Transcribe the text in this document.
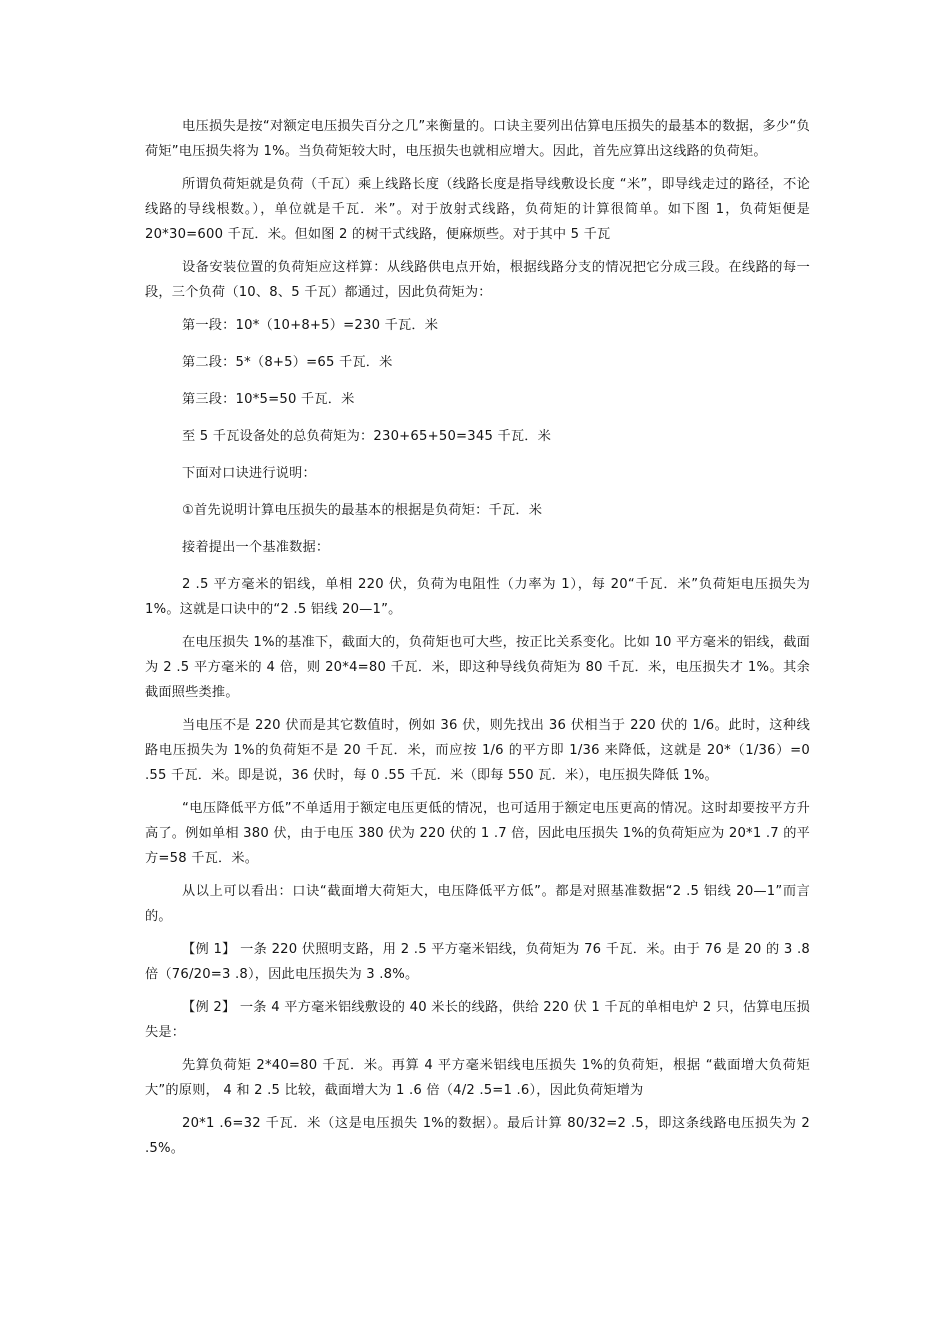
电压损失是按“对额定电压损失百分之几”来衡量的。口诀主要列出估算电压损失的最基本的数据，多少“负荷矩”电压损失将为 1%。当负荷矩较大时，电压损失也就相应增大。因此，首先应算出这线路的负荷矩。

所谓负荷矩就是负荷（千瓦）乘上线路长度（线路长度是指导线敷设长度 “米”，即导线走过的路径，不论线路的导线根数。），单位就是千瓦．米”。对于放射式线路，负荷矩的计算很简单。如下图 1，负荷矩便是 20*30=600 千瓦．米。但如图 2 的树干式线路，便麻烦些。对于其中 5 千瓦

设备安装位置的负荷矩应这样算：从线路供电点开始，根据线路分支的情况把它分成三段。在线路的每一段，三个负荷（10、8、5 千瓦）都通过，因此负荷矩为：

第一段：10*（10+8+5）=230 千瓦．米

第二段：5*（8+5）=65 千瓦．米

第三段：10*5=50 千瓦．米

至 5 千瓦设备处的总负荷矩为：230+65+50=345 千瓦．米

下面对口诀进行说明：

①首先说明计算电压损失的最基本的根据是负荷矩：千瓦．米

接着提出一个基准数据：

2 .5 平方毫米的铝线，单相 220 伏，负荷为电阻性（力率为 1），每 20“千瓦．米”负荷矩电压损失为 1%。这就是口诀中的“2 .5 铝线 20—1”。

在电压损失 1%的基准下，截面大的，负荷矩也可大些，按正比关系变化。比如 10 平方毫米的铝线，截面为 2 .5 平方毫米的 4 倍，则 20*4=80 千瓦．米，即这种导线负荷矩为 80 千瓦．米，电压损失才 1%。其余截面照些类推。

当电压不是 220 伏而是其它数值时，例如 36 伏，则先找出 36 伏相当于 220 伏的 1/6。此时，这种线路电压损失为 1%的负荷矩不是 20 千瓦．米，而应按 1/6 的平方即 1/36 来降低，这就是 20*（1/36）=0 .55 千瓦．米。即是说，36 伏时，每 0 .55 千瓦．米（即每 550 瓦．米），电压损失降低 1%。

“电压降低平方低”不单适用于额定电压更低的情况，也可适用于额定电压更高的情况。这时却要按平方升高了。例如单相 380 伏，由于电压 380 伏为 220 伏的 1 .7 倍，因此电压损失 1%的负荷矩应为 20*1 .7 的平方=58 千瓦．米。

从以上可以看出：口诀“截面增大荷矩大，电压降低平方低”。都是对照基准数据“2 .5 铝线 20—1”而言的。

【例 1】 一条 220 伏照明支路，用 2 .5 平方毫米铝线，负荷矩为 76 千瓦．米。由于 76 是 20 的 3 .8 倍（76/20=3 .8），因此电压损失为 3 .8%。

【例 2】 一条 4 平方毫米铝线敷设的 40 米长的线路，供给 220 伏 1 千瓦的单相电炉 2 只，估算电压损失是：

先算负荷矩 2*40=80 千瓦．米。再算 4 平方毫米铝线电压损失 1%的负荷矩，根据 “截面增大负荷矩大”的原则， 4 和 2 .5 比较，截面增大为 1 .6 倍（4/2 .5=1 .6），因此负荷矩增为

20*1 .6=32 千瓦．米（这是电压损失 1%的数据）。最后计算 80/32=2 .5，即这条线路电压损失为 2 .5%。
